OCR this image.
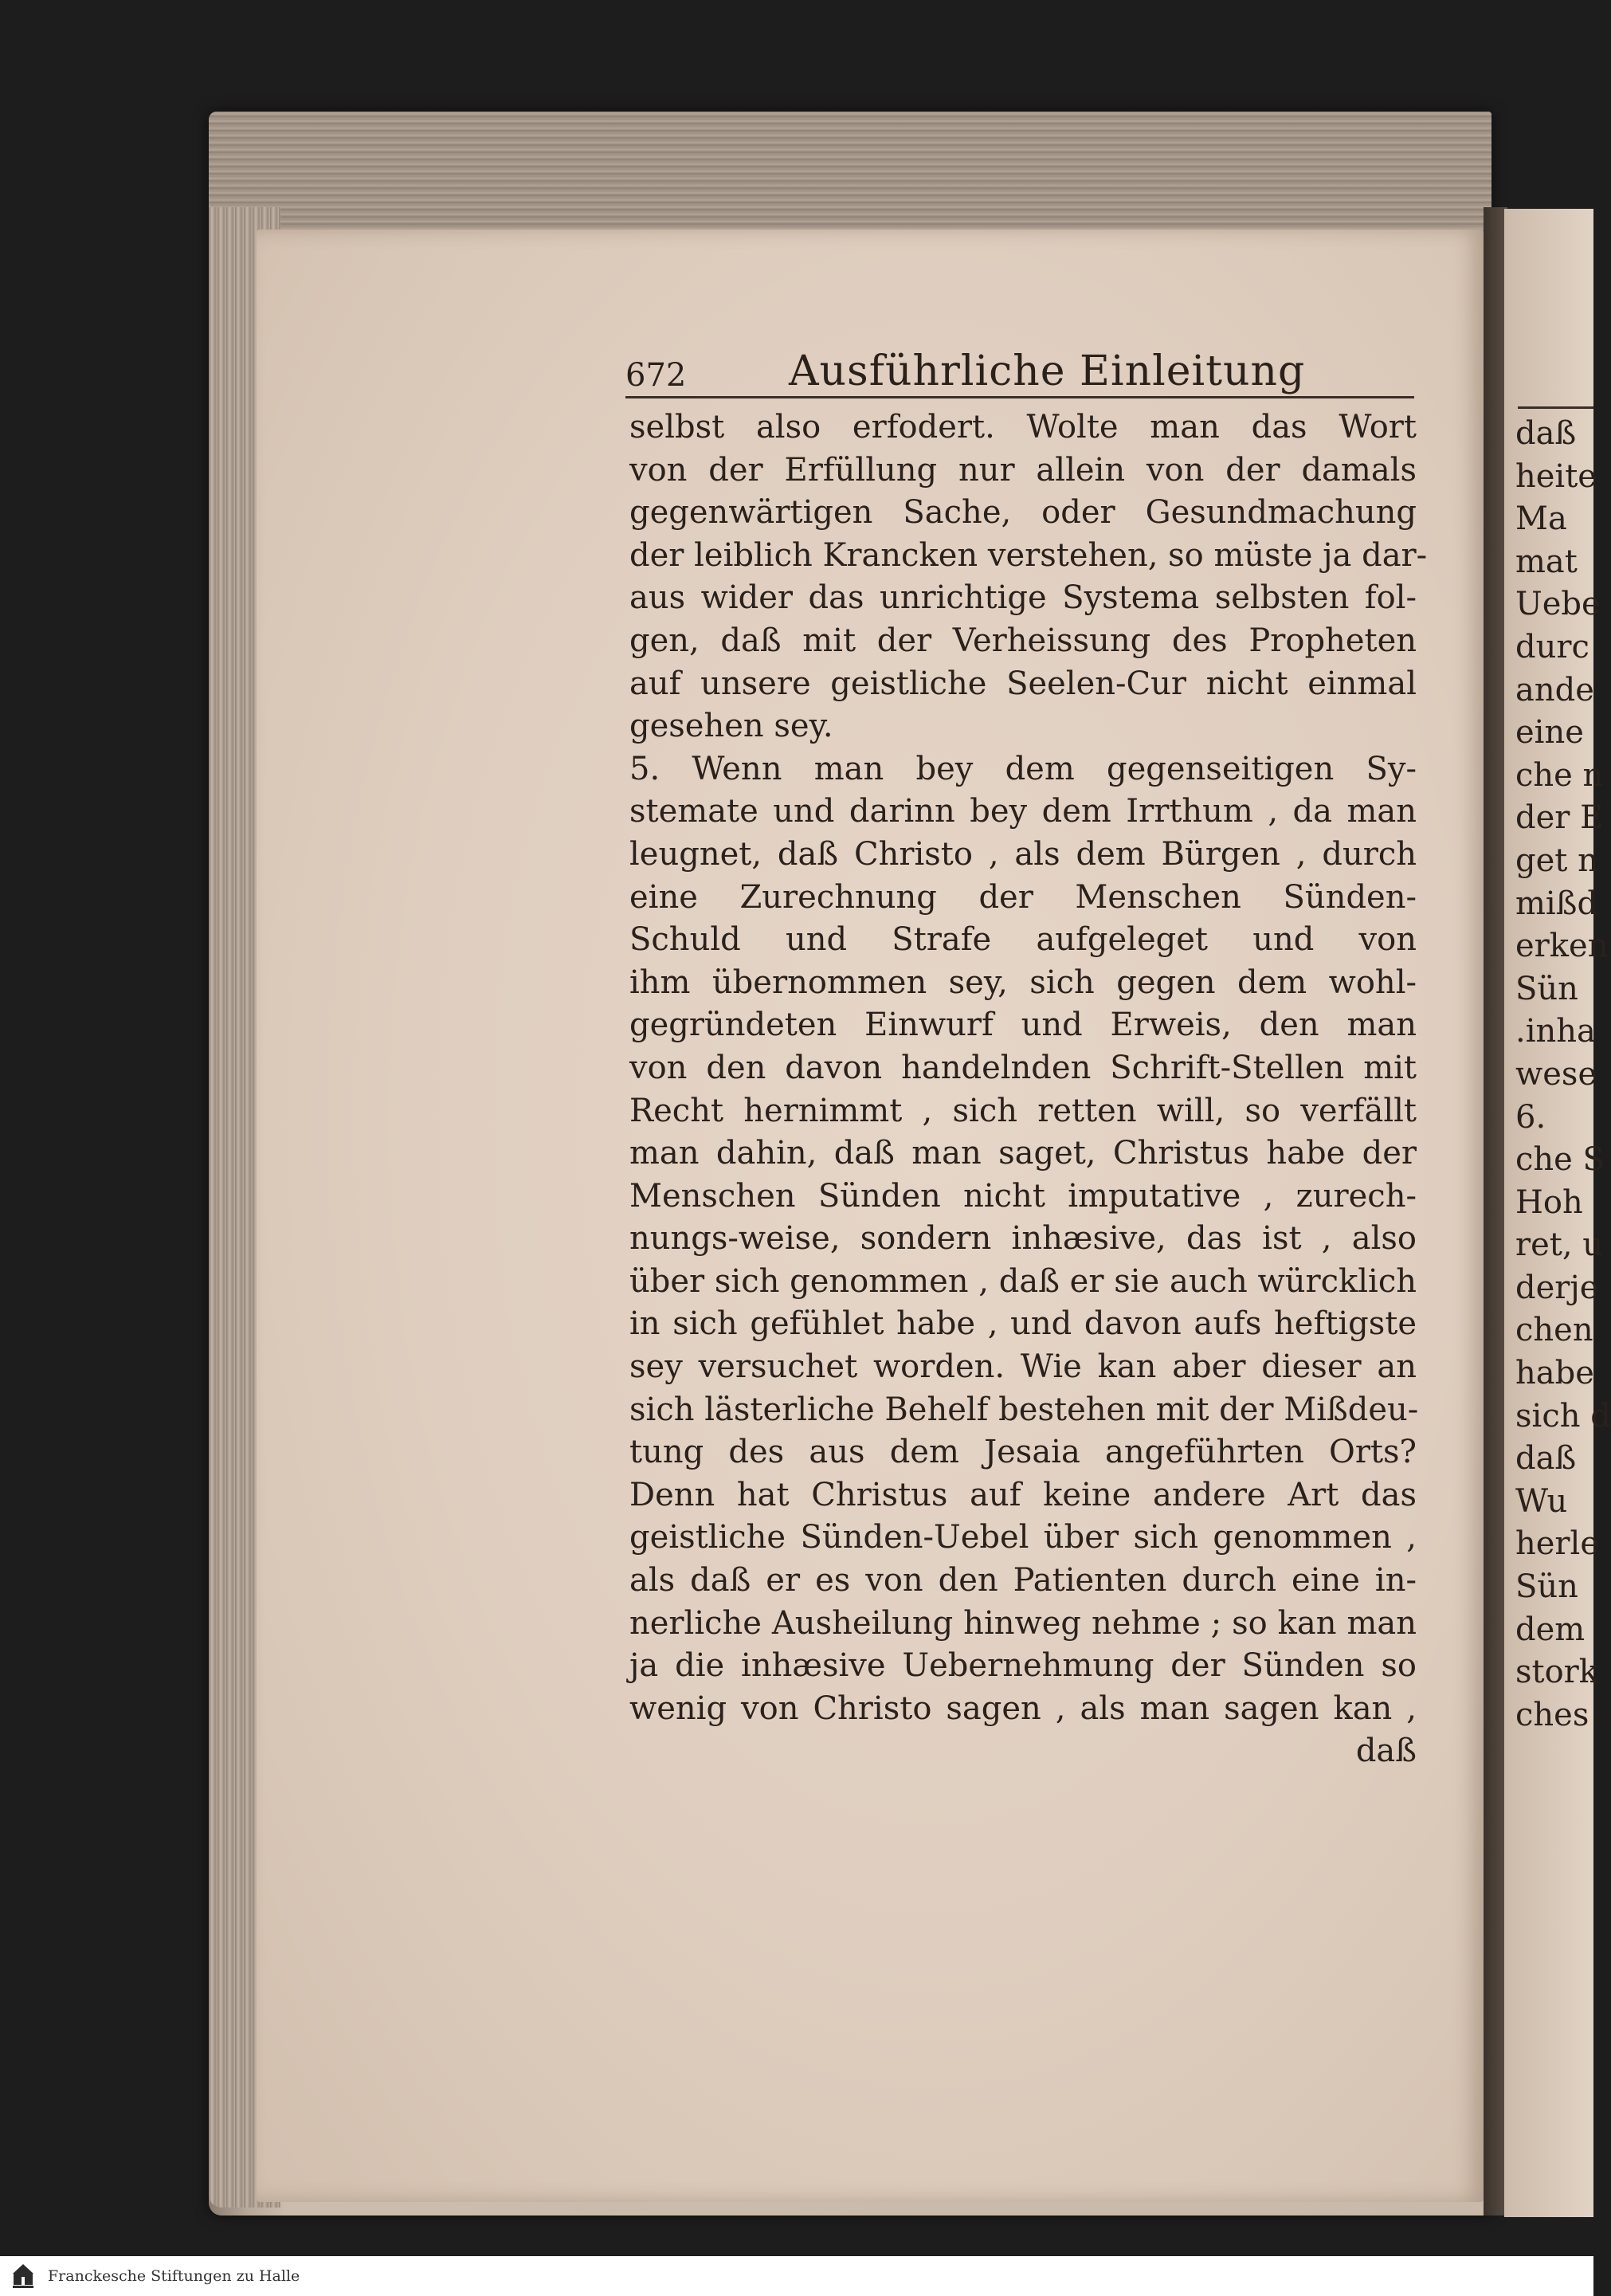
daß
heite
Ma
mat
Uebe
durc
ande
eine
che n
der E
get n
mißd
erken
Sün
.inha
wese
6.
che S
Hoh
ret, u
derje
chen
habe
sich d
daß
Wu
herle
Sün
dem
stork
ches
672 Ausführliche Einleitung
selbst also erfodert. Wolte man das Wort
von der Erfüllung nur allein von der damals
gegenwärtigen Sache, oder Gesundmachung
der leiblich Krancken verstehen, so müste ja dar-
aus wider das unrichtige Systema selbsten fol-
gen, daß mit der Verheissung des Propheten
auf unsere geistliche Seelen-Cur nicht einmal
gesehen sey.
5. Wenn man bey dem gegenseitigen Sy-
stemate und darinn bey dem Irrthum , da man
leugnet, daß Christo , als dem Bürgen , durch
eine Zurechnung der Menschen Sünden-
Schuld und Strafe aufgeleget und von
ihm übernommen sey, sich gegen dem wohl-
gegründeten Einwurf und Erweis, den man
von den davon handelnden Schrift-Stellen mit
Recht hernimmt , sich retten will, so verfällt
man dahin, daß man saget, Christus habe der
Menschen Sünden nicht imputative , zurech-
nungs-weise, sondern inhæsive, das ist , also
über sich genommen , daß er sie auch würcklich
in sich gefühlet habe , und davon aufs heftigste
sey versuchet worden. Wie kan aber dieser an
sich lästerliche Behelf bestehen mit der Mißdeu-
tung des aus dem Jesaia angeführten Orts?
Denn hat Christus auf keine andere Art das
geistliche Sünden-Uebel über sich genommen ,
als daß er es von den Patienten durch eine in-
nerliche Ausheilung hinweg nehme ; so kan man
ja die inhæsive Uebernehmung der Sünden so
wenig von Christo sagen , als man sagen kan ,
daß
Franckesche Stiftungen zu Halle
